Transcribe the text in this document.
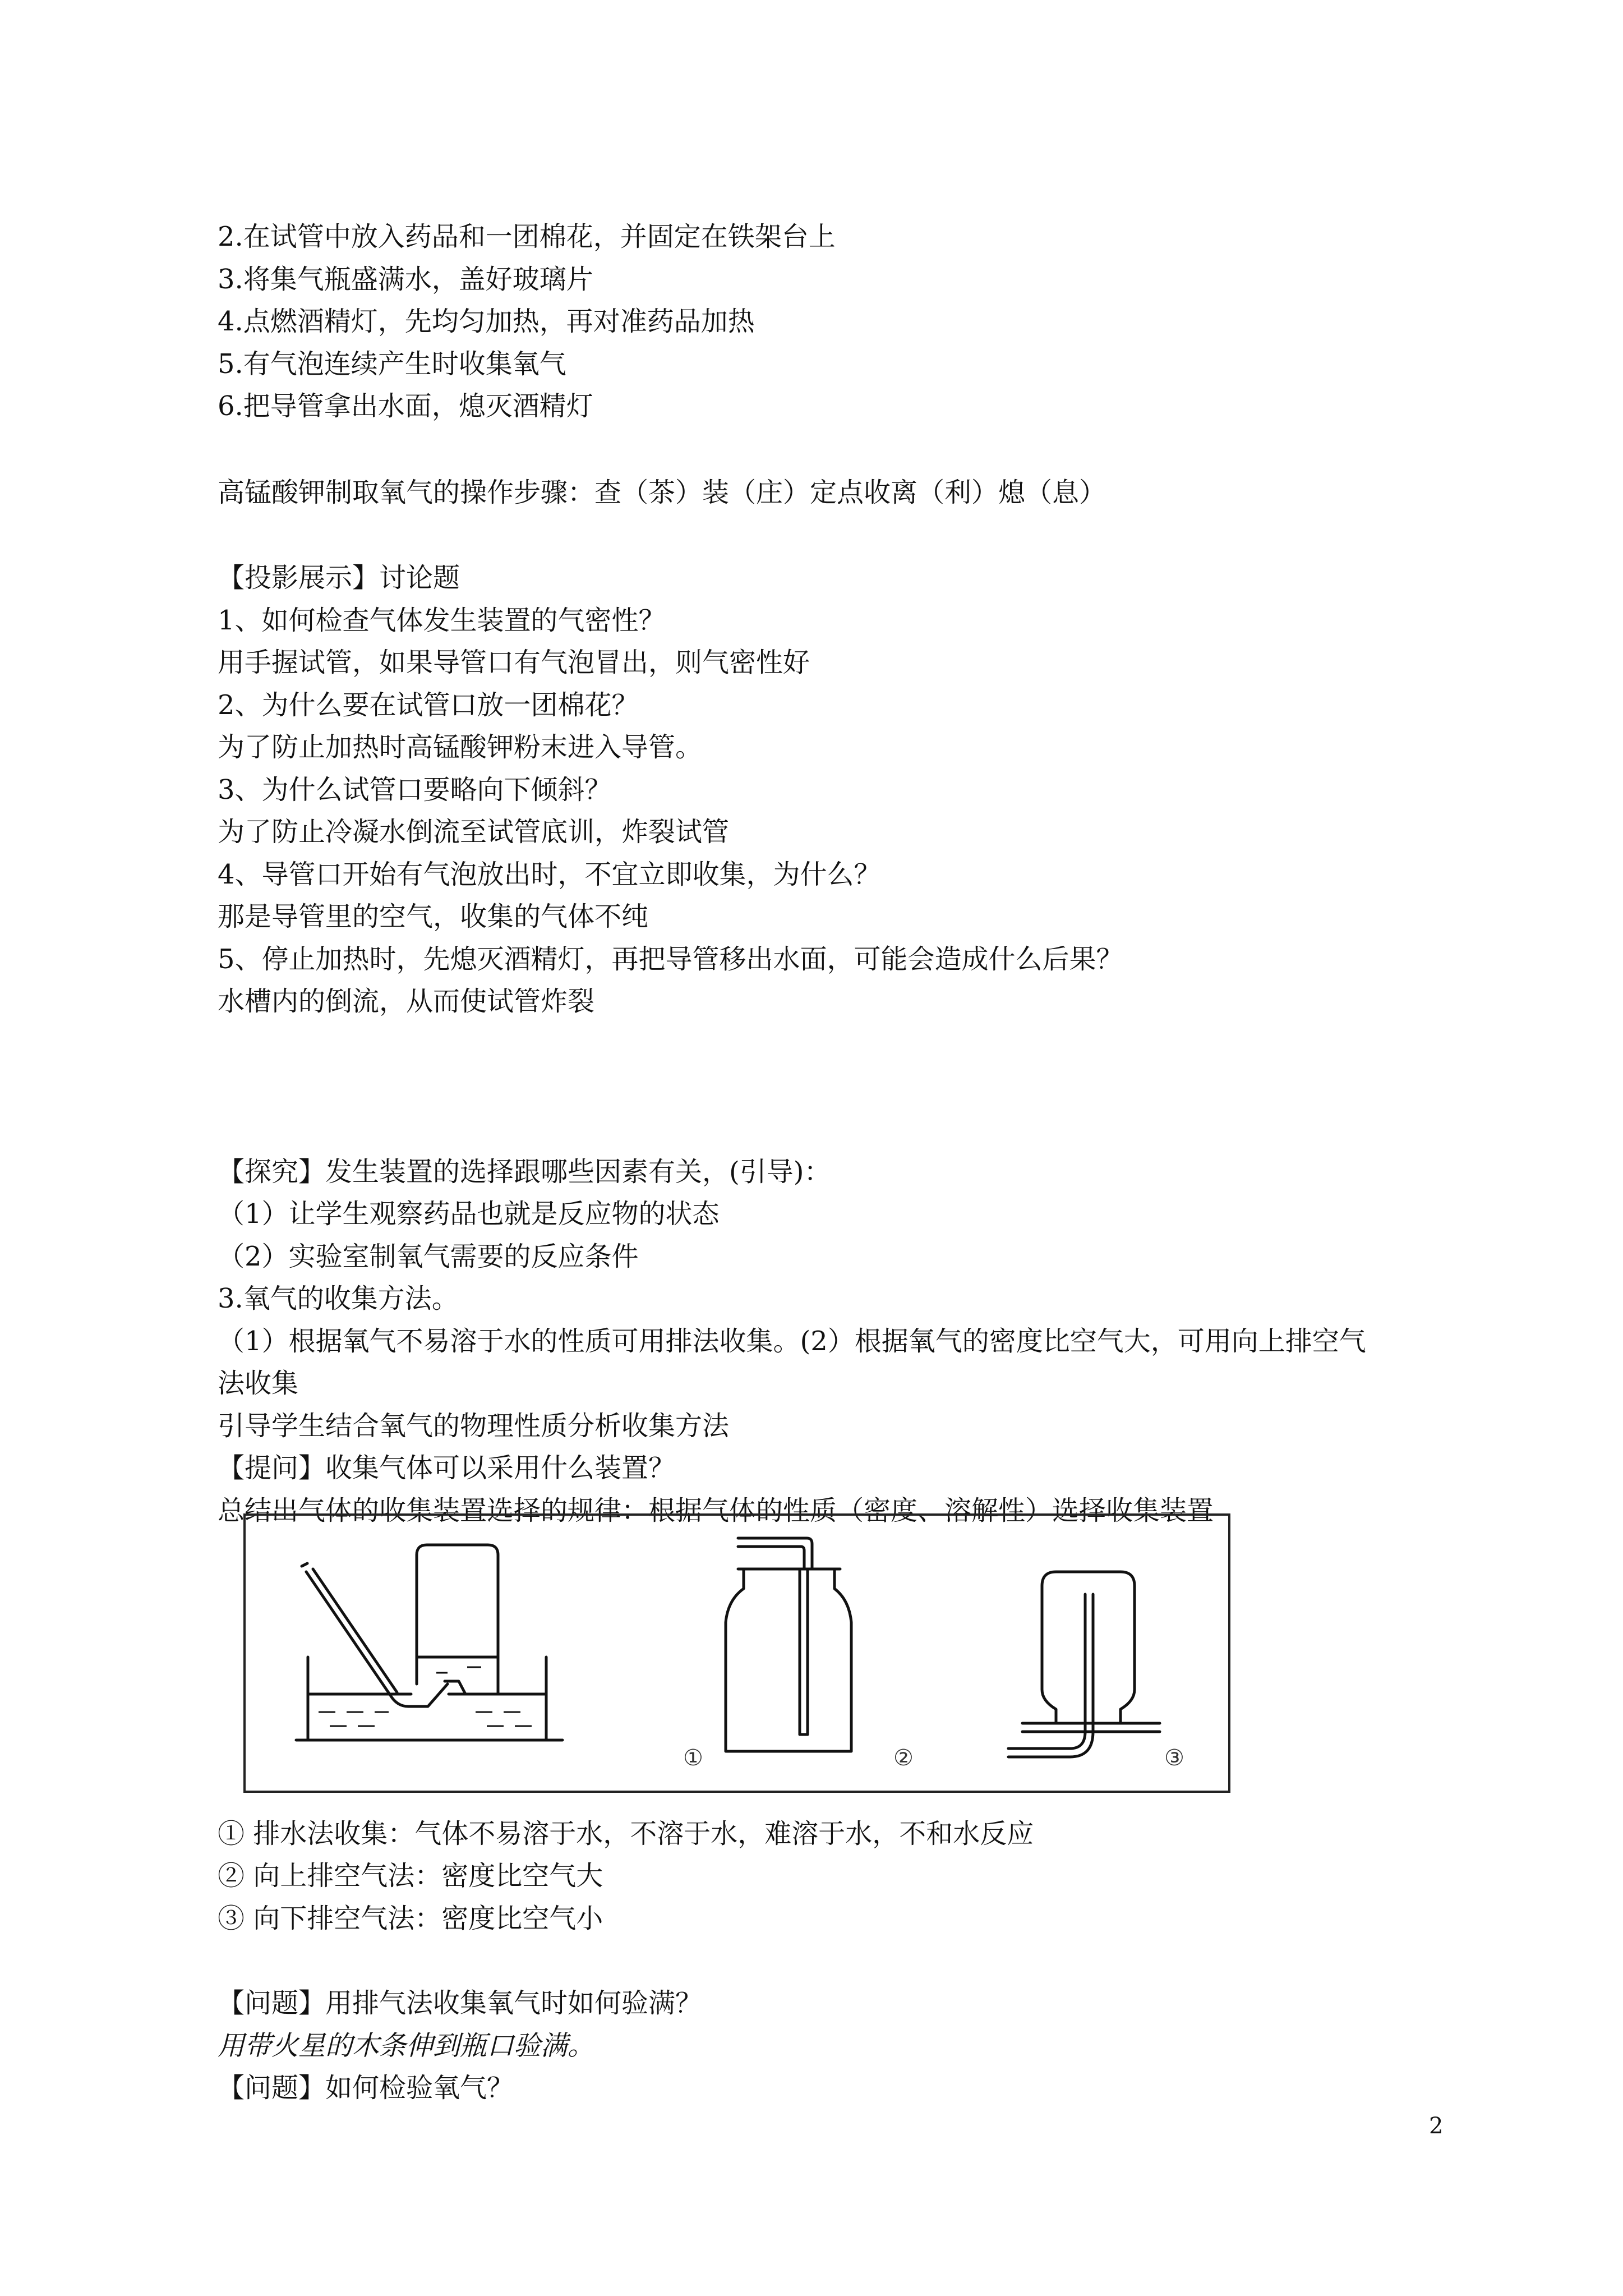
2.在试管中放入药品和一团棉花，并固定在铁架台上
3.将集气瓶盛满水，盖好玻璃片
4.点燃酒精灯，先均匀加热，再对准药品加热
5.有气泡连续产生时收集氧气
6.把导管拿出水面，熄灭酒精灯
高锰酸钾制取氧气的操作步骤：查（茶）装（庄）定点收离（利）熄（息）
【投影展示】讨论题
1、如何检查气体发生装置的气密性？
用手握试管，如果导管口有气泡冒出，则气密性好
2、为什么要在试管口放一团棉花？
为了防止加热时高锰酸钾粉末进入导管。
3、为什么试管口要略向下倾斜？
为了防止冷凝水倒流至试管底训，炸裂试管
4、导管口开始有气泡放出时，不宜立即收集，为什么？
那是导管里的空气，收集的气体不纯
5、停止加热时，先熄灭酒精灯，再把导管移出水面，可能会造成什么后果？
水槽内的倒流，从而使试管炸裂
【探究】发生装置的选择跟哪些因素有关，(引导)：
（1）让学生观察药品也就是反应物的状态
（2）实验室制氧气需要的反应条件
3.氧气的收集方法。
（1）根据氧气不易溶于水的性质可用排法收集。(2）根据氧气的密度比空气大，可用向上排空气
法收集
引导学生结合氧气的物理性质分析收集方法
【提问】收集气体可以采用什么装置？
总结出气体的收集装置选择的规律：根据气体的性质（密度、溶解性）选择收集装置
①	②	③
① 排水法收集：气体不易溶于水，不溶于水，难溶于水，不和水反应
② 向上排空气法：密度比空气大
③ 向下排空气法：密度比空气小
【问题】用排气法收集氧气时如何验满？
用带火星的木条伸到瓶口验满。
【问题】如何检验氧气？
2
